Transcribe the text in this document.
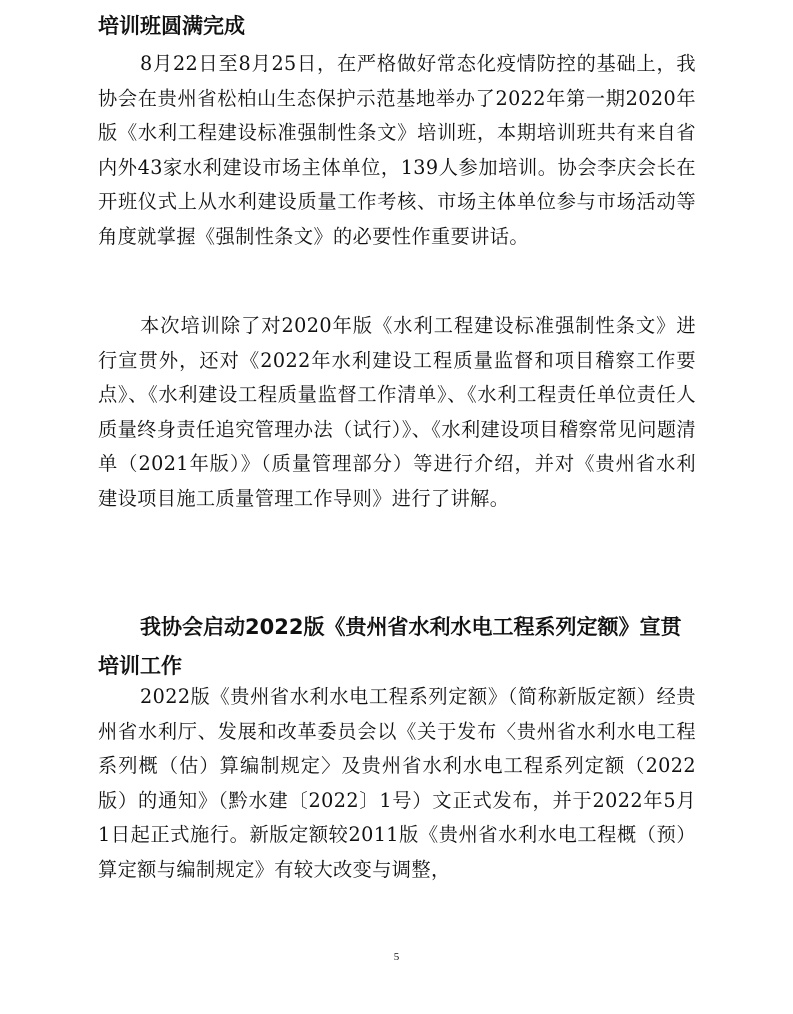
培训班圆满完成

8月22日至8月25日，在严格做好常态化疫情防控的基础上，我协会在贵州省松柏山生态保护示范基地举办了2022年第一期2020年版《水利工程建设标准强制性条文》培训班，本期培训班共有来自省内外43家水利建设市场主体单位，139人参加培训。协会李庆会长在开班仪式上从水利建设质量工作考核、市场主体单位参与市场活动等角度就掌握《强制性条文》的必要性作重要讲话。

本次培训除了对2020年版《水利工程建设标准强制性条文》进行宣贯外，还对《2022年水利建设工程质量监督和项目稽察工作要点》、《水利建设工程质量监督工作清单》、《水利工程责任单位责任人质量终身责任追究管理办法（试行）》、《水利建设项目稽察常见问题清单（2021年版）》（质量管理部分）等进行介绍，并对《贵州省水利建设项目施工质量管理工作导则》进行了讲解。

我协会启动2022版《贵州省水利水电工程系列定额》宣贯培训工作

2022版《贵州省水利水电工程系列定额》（简称新版定额）经贵州省水利厅、发展和改革委员会以《关于发布〈贵州省水利水电工程系列概（估）算编制规定〉及贵州省水利水电工程系列定额（2022版）的通知》（黔水建〔2022〕1号）文正式发布，并于2022年5月1日起正式施行。新版定额较2011版《贵州省水利水电工程概（预）算定额与编制规定》有较大改变与调整，

5
